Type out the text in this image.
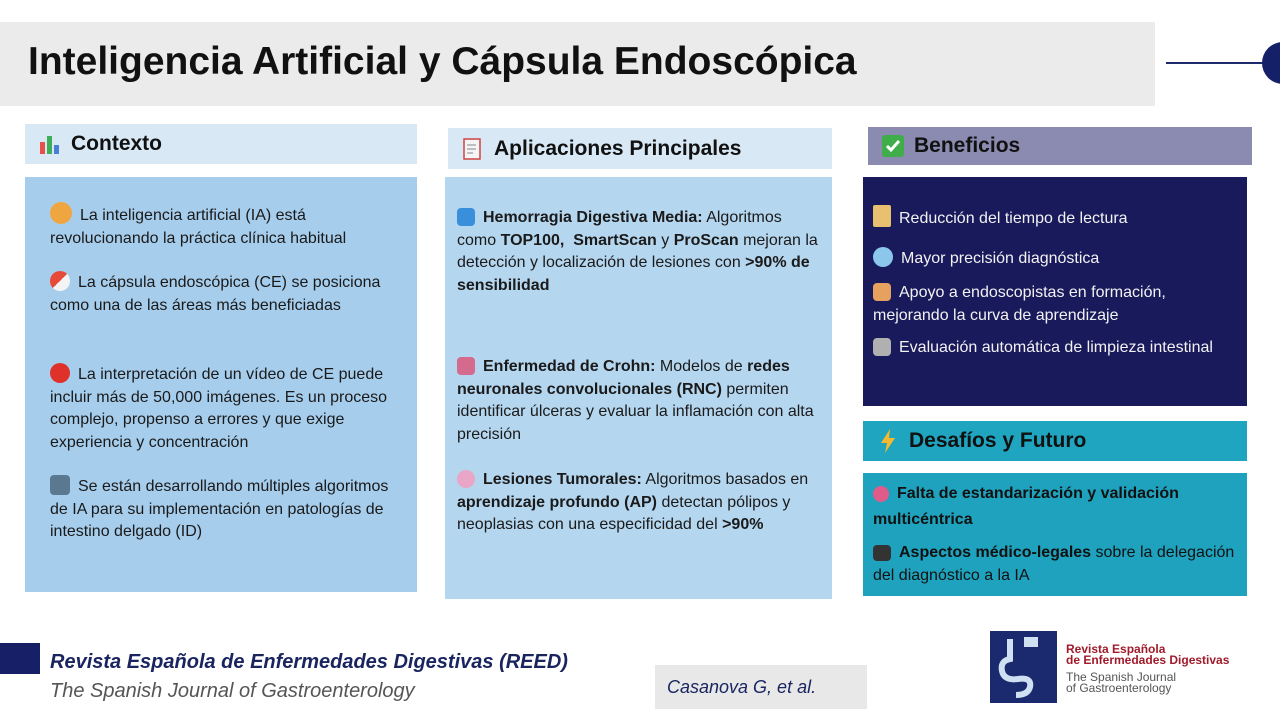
Inteligencia Artificial y Cápsula Endoscópica
Contexto
La inteligencia artificial (IA) está revolucionando la práctica clínica habitual
La cápsula endoscópica (CE) se posiciona como una de las áreas más beneficiadas
La interpretación de un vídeo de CE puede incluir más de 50,000 imágenes. Es un proceso complejo, propenso a errores y que exige experiencia y concentración
Se están desarrollando múltiples algoritmos de IA para su implementación en patologías de intestino delgado (ID)
Aplicaciones Principales
Hemorragia Digestiva Media: Algoritmos como TOP100, SmartScan y ProScan mejoran la detección y localización de lesiones con >90% de sensibilidad
Enfermedad de Crohn: Modelos de redes neuronales convolucionales (RNC) permiten identificar úlceras y evaluar la inflamación con alta precisión
Lesiones Tumorales: Algoritmos basados en aprendizaje profundo (AP) detectan pólipos y neoplasias con una especificidad del >90%
Beneficios
Reducción del tiempo de lectura
Mayor precisión diagnóstica
Apoyo a endoscopistas en formación, mejorando la curva de aprendizaje
Evaluación automática de limpieza intestinal
Desafíos y Futuro
Falta de estandarización y validación multicéntrica
Aspectos médico-legales sobre la delegación del diagnóstico a la IA
Revista Española de Enfermedades Digestivas (REED)
The Spanish Journal of Gastroenterology	Casanova G, et al.
Revista Española
de Enfermedades Digestivas
The Spanish Journal
of Gastroenterology
